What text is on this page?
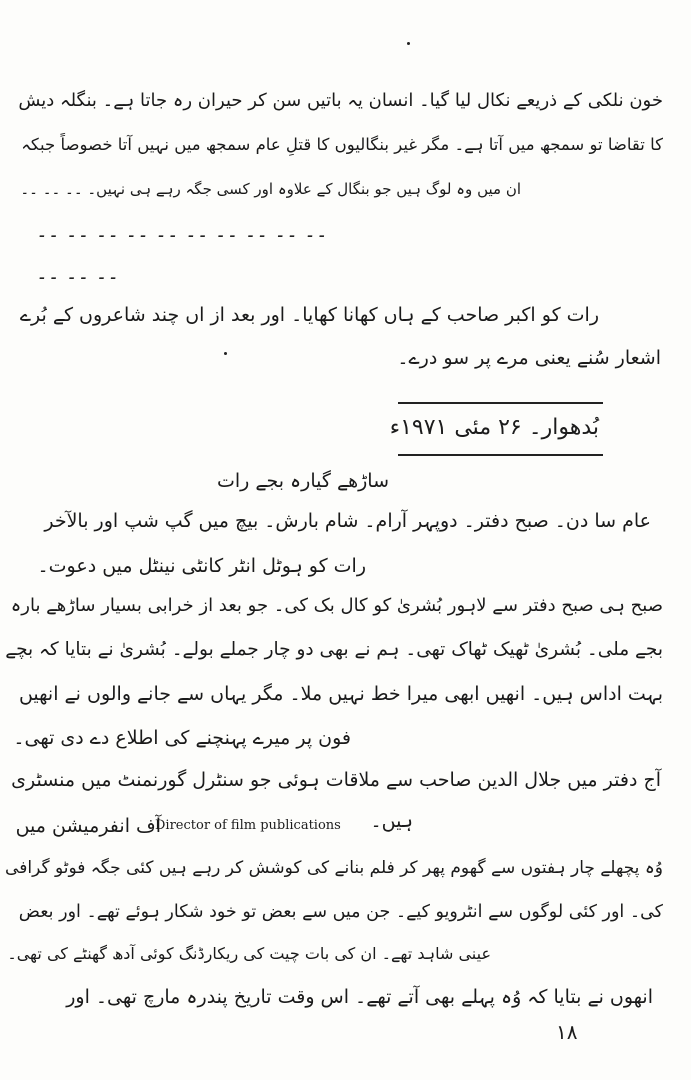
خون نلکی کے ذریعے نکال لیا گیا۔ انسان یہ باتیں سن کر حیران رہ جاتا ہے۔ بنگلہ دیش
کا تقاضا تو سمجھ میں آتا ہے۔ مگر غیر بنگالیوں کا قتلِ عام سمجھ میں نہیں آتا خصوصاً جبکہ
ان میں وہ لوگ ہیں جو بنگال کے علاوہ اور کسی جگہ رہے ہی نہیں۔ ۔۔ ۔۔ ۔۔
۔۔ ۔۔ ۔۔ ۔۔ ۔۔ ۔۔ ۔۔ ۔۔ ۔۔ ۔۔
۔۔ ۔۔ ۔۔
رات کو اکبر صاحب کے ہاں کھانا کھایا۔ اور بعد از اں چند شاعروں کے بُرے
اشعار سُنے یعنی مرے پر سو درے۔
بُدھوار۔ ۲۶ مئی ۱۹۷۱ء
ساڑھے گیارہ بجے رات
عام سا دن۔ صبح دفتر۔ دوپہر آرام۔ شام بارش۔ بیچ میں گپ شپ اور بالآخر
رات کو ہوٹل انٹر کانٹی نینٹل میں دعوت۔
صبح ہی صبح دفتر سے لاہور بُشریٰ کو کال بک کی۔ جو بعد از خرابی بسیار ساڑھے بارہ
بجے ملی۔ بُشریٰ ٹھیک ٹھاک تھی۔ ہم نے بھی دو چار جملے بولے۔ بُشریٰ نے بتایا کہ بچے
بہت اداس ہیں۔ انھیں ابھی میرا خط نہیں ملا۔ مگر یہاں سے جانے والوں نے انھیں
فون پر میرے پہنچنے کی اطلاع دے دی تھی۔
آج دفتر میں جلال الدین صاحب سے ملاقات ہوئی جو سنٹرل گورنمنٹ میں منسٹری
Director of film publications
آف انفرمیشن میں	ہیں۔
وُہ پچھلے چار ہفتوں سے گھوم پھر کر فلم بنانے کی کوشش کر رہے ہیں کئی جگہ فوٹو گرافی
کی۔ اور کئی لوگوں سے انٹرویو کیے۔ جن میں سے بعض تو خود شکار ہوئے تھے۔ اور بعض
عینی شاہد تھے۔ ان کی بات چیت کی ریکارڈنگ کوئی آدھ گھنٹے کی تھی۔
انھوں نے بتایا کہ وُہ پہلے بھی آتے تھے۔ اس وقت تاریخ پندرہ مارچ تھی۔ اور
۱۸
